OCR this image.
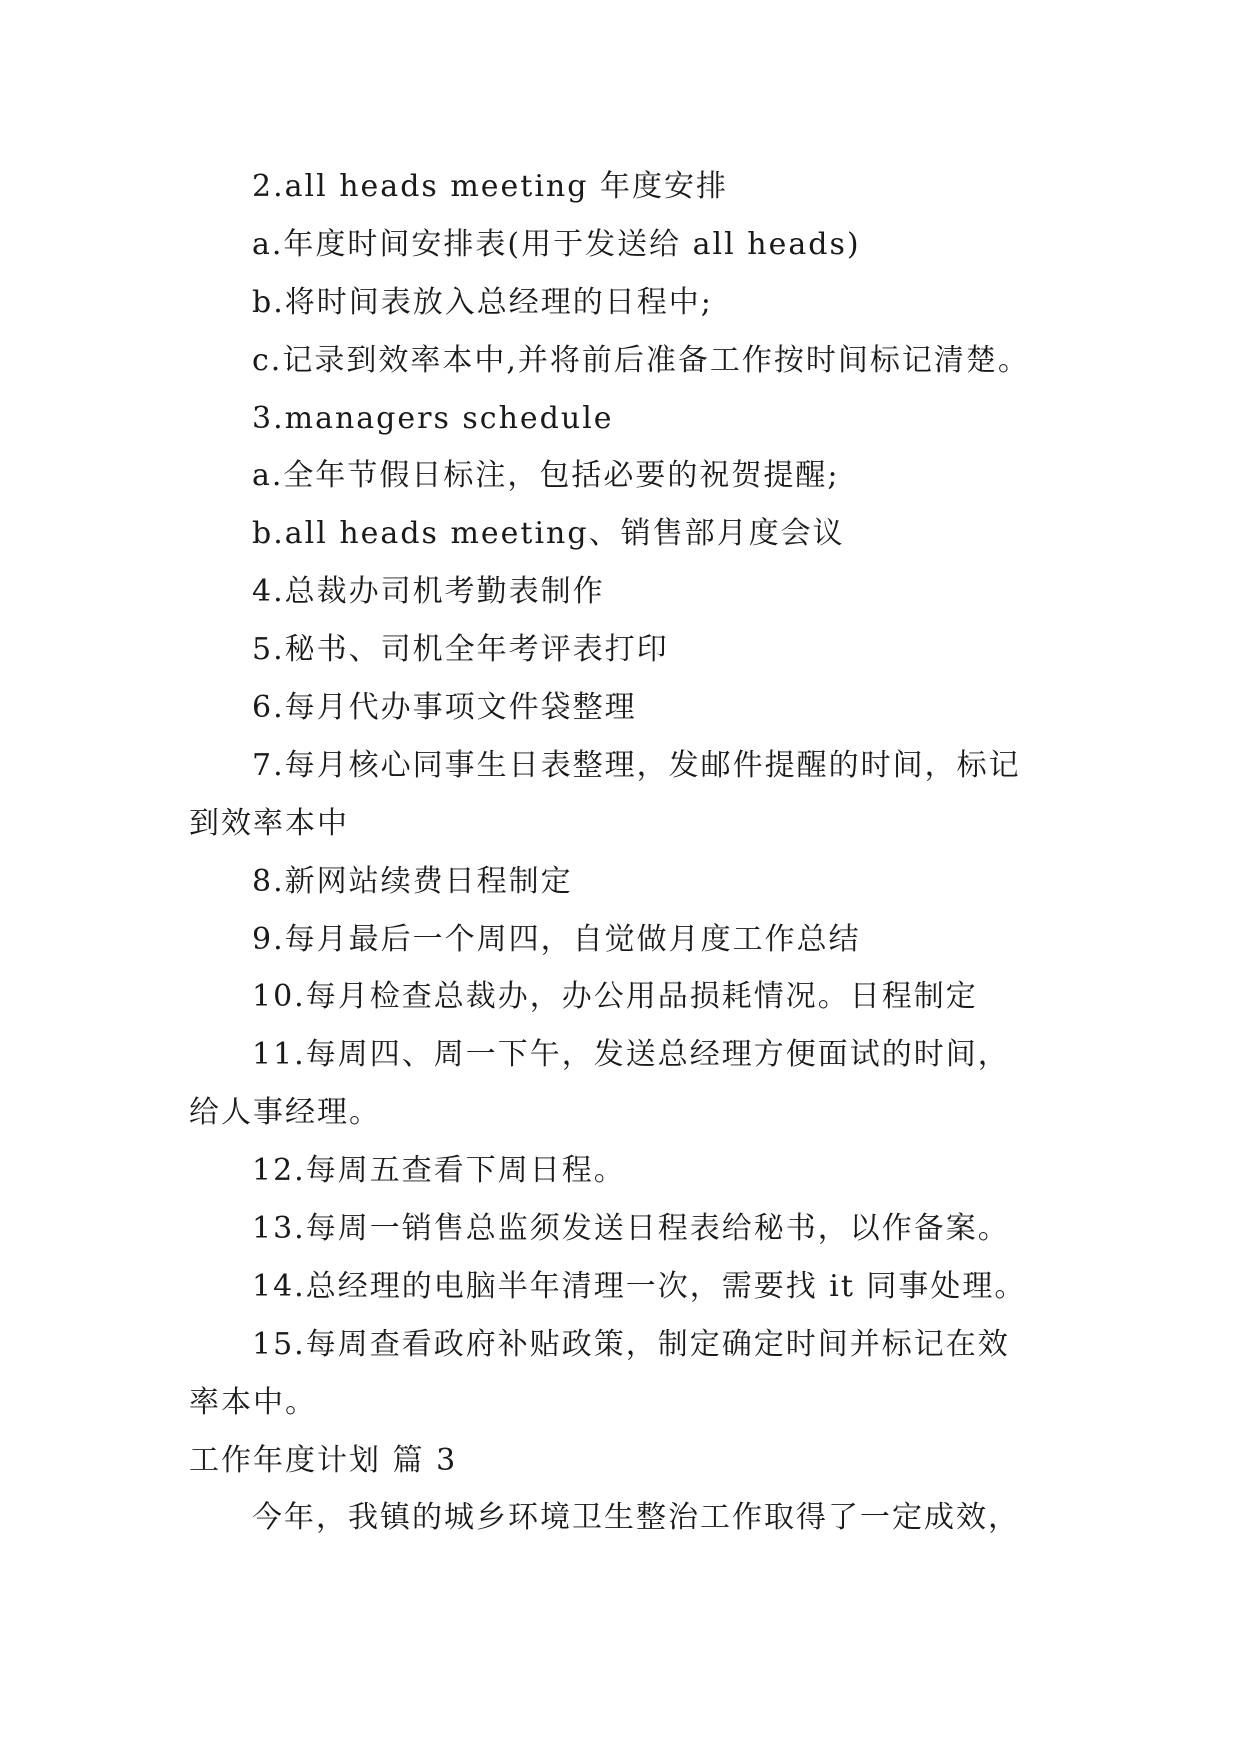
2.all heads meeting 年度安排
a.年度时间安排表(用于发送给 all heads)
b.将时间表放入总经理的日程中;
c.记录到效率本中,并将前后准备工作按时间标记清楚。
3.managers schedule
a.全年节假日标注，包括必要的祝贺提醒;
b.all heads meeting、销售部月度会议
4.总裁办司机考勤表制作
5.秘书、司机全年考评表打印
6.每月代办事项文件袋整理
7.每月核心同事生日表整理，发邮件提醒的时间，标记
到效率本中
8.新网站续费日程制定
9.每月最后一个周四，自觉做月度工作总结
10.每月检查总裁办，办公用品损耗情况。日程制定
11.每周四、周一下午，发送总经理方便面试的时间，
给人事经理。
12.每周五查看下周日程。
13.每周一销售总监须发送日程表给秘书，以作备案。
14.总经理的电脑半年清理一次，需要找 it 同事处理。
15.每周查看政府补贴政策，制定确定时间并标记在效
率本中。
工作年度计划 篇 3
今年，我镇的城乡环境卫生整治工作取得了一定成效，
